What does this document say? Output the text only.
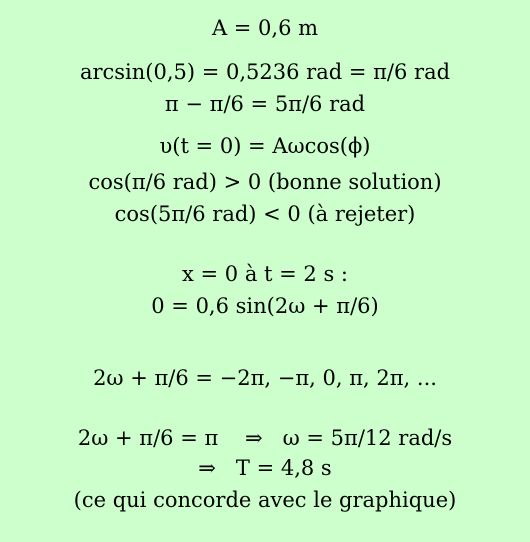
A = 0,6 m
arcsin(0,5) = 0,5236 rad = π/6 rad
π − π/6 = 5π/6 rad
υ(t = 0) = Aωcos(ϕ)
cos(π/6 rad) > 0 (bonne solution)
cos(5π/6 rad) < 0 (à rejeter)
x = 0 à t = 2 s :
0 = 0,6 sin(2ω + π/6)
2ω + π/6 = −2π, −π, 0, π, 2π, ...
2ω + π/6 = π    ⇒   ω = 5π/12 rad/s
⇒   T = 4,8 s
(ce qui concorde avec le graphique)
